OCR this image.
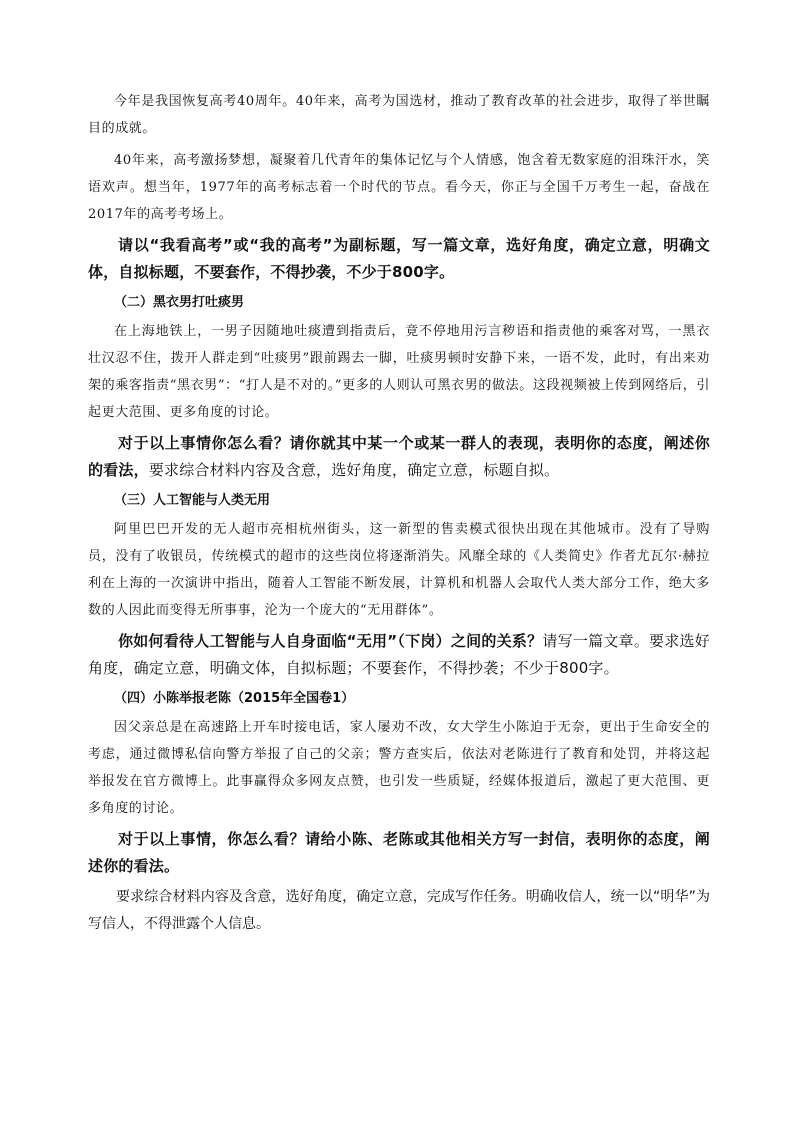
今年是我国恢复高考40周年。40年来，高考为国选材，推动了教育改革的社会进步，取得了举世瞩目的成就。

40年来，高考激扬梦想，凝聚着几代青年的集体记忆与个人情感，饱含着无数家庭的泪珠汗水，笑语欢声。想当年，1977年的高考标志着一个时代的节点。看今天，你正与全国千万考生一起，奋战在2017年的高考考场上。

请以“我看高考”或“我的高考”为副标题，写一篇文章，选好角度，确定立意，明确文体，自拟标题，不要套作，不得抄袭，不少于800字。

（二）黑衣男打吐痰男

在上海地铁上，一男子因随地吐痰遭到指责后，竟不停地用污言秽语和指责他的乘客对骂，一黑衣壮汉忍不住，拨开人群走到“吐痰男”跟前踢去一脚，吐痰男顿时安静下来，一语不发，此时，有出来劝架的乘客指责“黑衣男”：“打人是不对的。”更多的人则认可黑衣男的做法。这段视频被上传到网络后，引起更大范围、更多角度的讨论。

对于以上事情你怎么看？请你就其中某一个或某一群人的表现，表明你的态度，阐述你的看法，要求综合材料内容及含意，选好角度，确定立意，标题自拟。

（三）人工智能与人类无用

阿里巴巴开发的无人超市亮相杭州街头，这一新型的售卖模式很快出现在其他城市。没有了导购员，没有了收银员，传统模式的超市的这些岗位将逐渐消失。风靡全球的《人类简史》作者尤瓦尔·赫拉利在上海的一次演讲中指出，随着人工智能不断发展，计算机和机器人会取代人类大部分工作，绝大多数的人因此而变得无所事事，沦为一个庞大的“无用群体”。

你如何看待人工智能与人自身面临“无用”（下岗）之间的关系？请写一篇文章。要求选好角度，确定立意，明确文体，自拟标题；不要套作，不得抄袭；不少于800字。

（四）小陈举报老陈（2015年全国卷1）

因父亲总是在高速路上开车时接电话，家人屡劝不改，女大学生小陈迫于无奈，更出于生命安全的考虑，通过微博私信向警方举报了自己的父亲；警方查实后，依法对老陈进行了教育和处罚，并将这起举报发在官方微博上。此事赢得众多网友点赞，也引发一些质疑，经媒体报道后，激起了更大范围、更多角度的讨论。

对于以上事情，你怎么看？请给小陈、老陈或其他相关方写一封信，表明你的态度，阐述你的看法。

要求综合材料内容及含意，选好角度，确定立意，完成写作任务。明确收信人，统一以“明华”为写信人，不得泄露个人信息。
